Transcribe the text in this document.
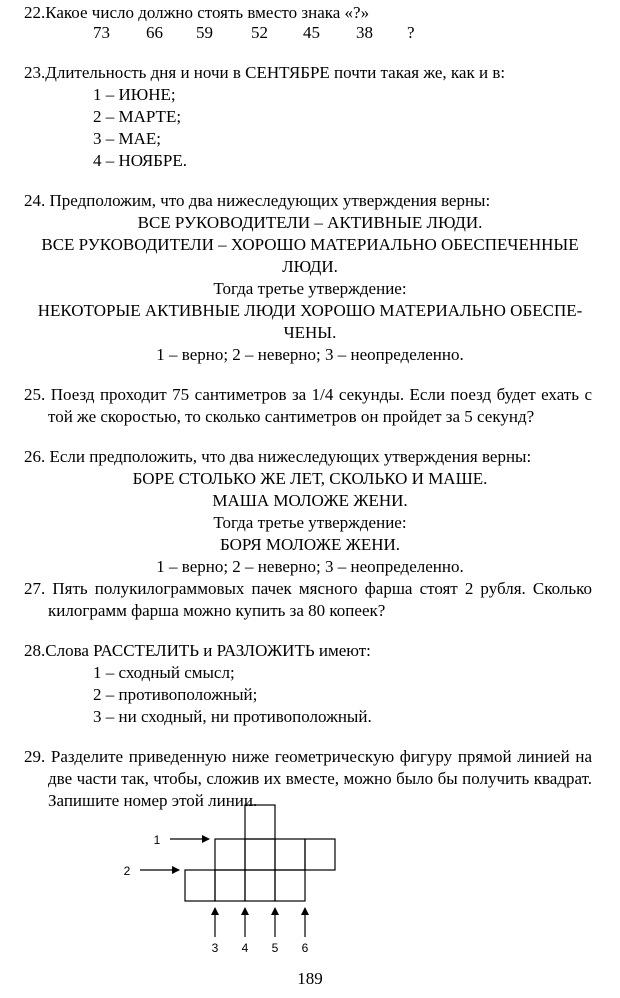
22.Какое число должно стоять вместо знака «?»
73 66 59 52 45 38 ?
23.Длительность дня и ночи в СЕНТЯБРЕ почти такая же, как и в:
1 – ИЮНЕ;
2 – МАРТЕ;
3 – МАЕ;
4 – НОЯБРЕ.
24. Предположим, что два нижеследующих утверждения верны:
ВСЕ РУКОВОДИТЕЛИ – АКТИВНЫЕ ЛЮДИ.
ВСЕ РУКОВОДИТЕЛИ – ХОРОШО МАТЕРИАЛЬНО ОБЕСПЕЧЕННЫЕ
ЛЮДИ.
Тогда третье утверждение:
НЕКОТОРЫЕ АКТИВНЫЕ ЛЮДИ ХОРОШО МАТЕРИАЛЬНО ОБЕСПЕ-
ЧЕНЫ.
1 – верно; 2 – неверно; 3 – неопределенно.
25. Поезд проходит 75 сантиметров за 1/4 секунды. Если поезд будет ехать с
той же скоростью, то сколько сантиметров он пройдет за 5 секунд?
26. Если предположить, что два нижеследующих утверждения верны:
БОРЕ СТОЛЬКО ЖЕ ЛЕТ, СКОЛЬКО И МАШЕ.
МАША МОЛОЖЕ ЖЕНИ.
Тогда третье утверждение:
БОРЯ МОЛОЖЕ ЖЕНИ.
1 – верно; 2 – неверно; 3 – неопределенно.
27. Пять полукилограммовых пачек мясного фарша стоят 2 рубля. Сколько
килограмм фарша можно купить за 80 копеек?
28.Слова РАССТЕЛИТЬ и РАЗЛОЖИТЬ имеют:
1 – сходный смысл;
2 – противоположный;
3 – ни сходный, ни противоположный.
29. Разделите приведенную ниже геометрическую фигуру прямой линией на
две части так, чтобы, сложив их вместе, можно было бы получить квадрат.
Запишите номер этой линии.
1
2
3 4 5 6
189
